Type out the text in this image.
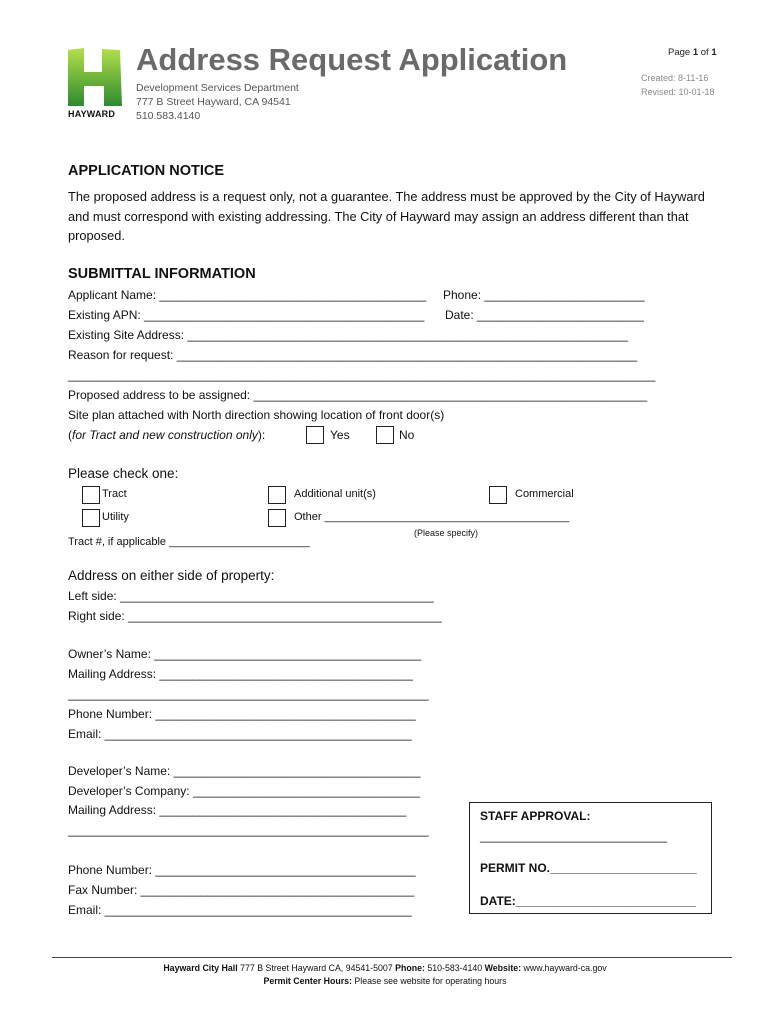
HAYWARD
Address Request Application
Development Services Department
777 B Street Hayward, CA 94541
510.583.4140
Page 1 of 1
Created: 8-11-16
Revised: 10-01-18
APPLICATION NOTICE
The proposed address is a request only, not a guarantee. The address must be approved by the City of Hayward and must correspond with existing addressing. The City of Hayward may assign an address different than that proposed.
SUBMITTAL INFORMATION
Applicant Name: ________________________________________ Phone: ________________________
Existing APN: __________________________________________ Date: _________________________
Existing Site Address: __________________________________________________________________
Reason for request: _____________________________________________________________________
________________________________________________________________________________________
Proposed address to be assigned: ___________________________________________________________
Site plan attached with North direction showing location of front door(s)
(for Tract and new construction only):	Yes	No
Please check one:
Tract	Additional unit(s)	Commercial
Utility	Other ________________________________________
(Please specify)
Tract #, if applicable _______________________
Address on either side of property:
Left side: _______________________________________________
Right side: _______________________________________________
Owner’s Name: ________________________________________
Mailing Address: ______________________________________
______________________________________________________
Phone Number: _______________________________________
Email: ______________________________________________
Developer’s Name: _____________________________________
Developer’s Company: __________________________________
Mailing Address: _____________________________________
______________________________________________________
Phone Number: _______________________________________
Fax Number: _________________________________________
Email: ______________________________________________
STAFF APPROVAL:
____________________________
PERMIT NO.______________________
DATE:___________________________
Hayward City Hall 777 B Street Hayward CA, 94541-5007 Phone: 510-583-4140 Website: www.hayward-ca.gov
Permit Center Hours: Please see website for operating hours
